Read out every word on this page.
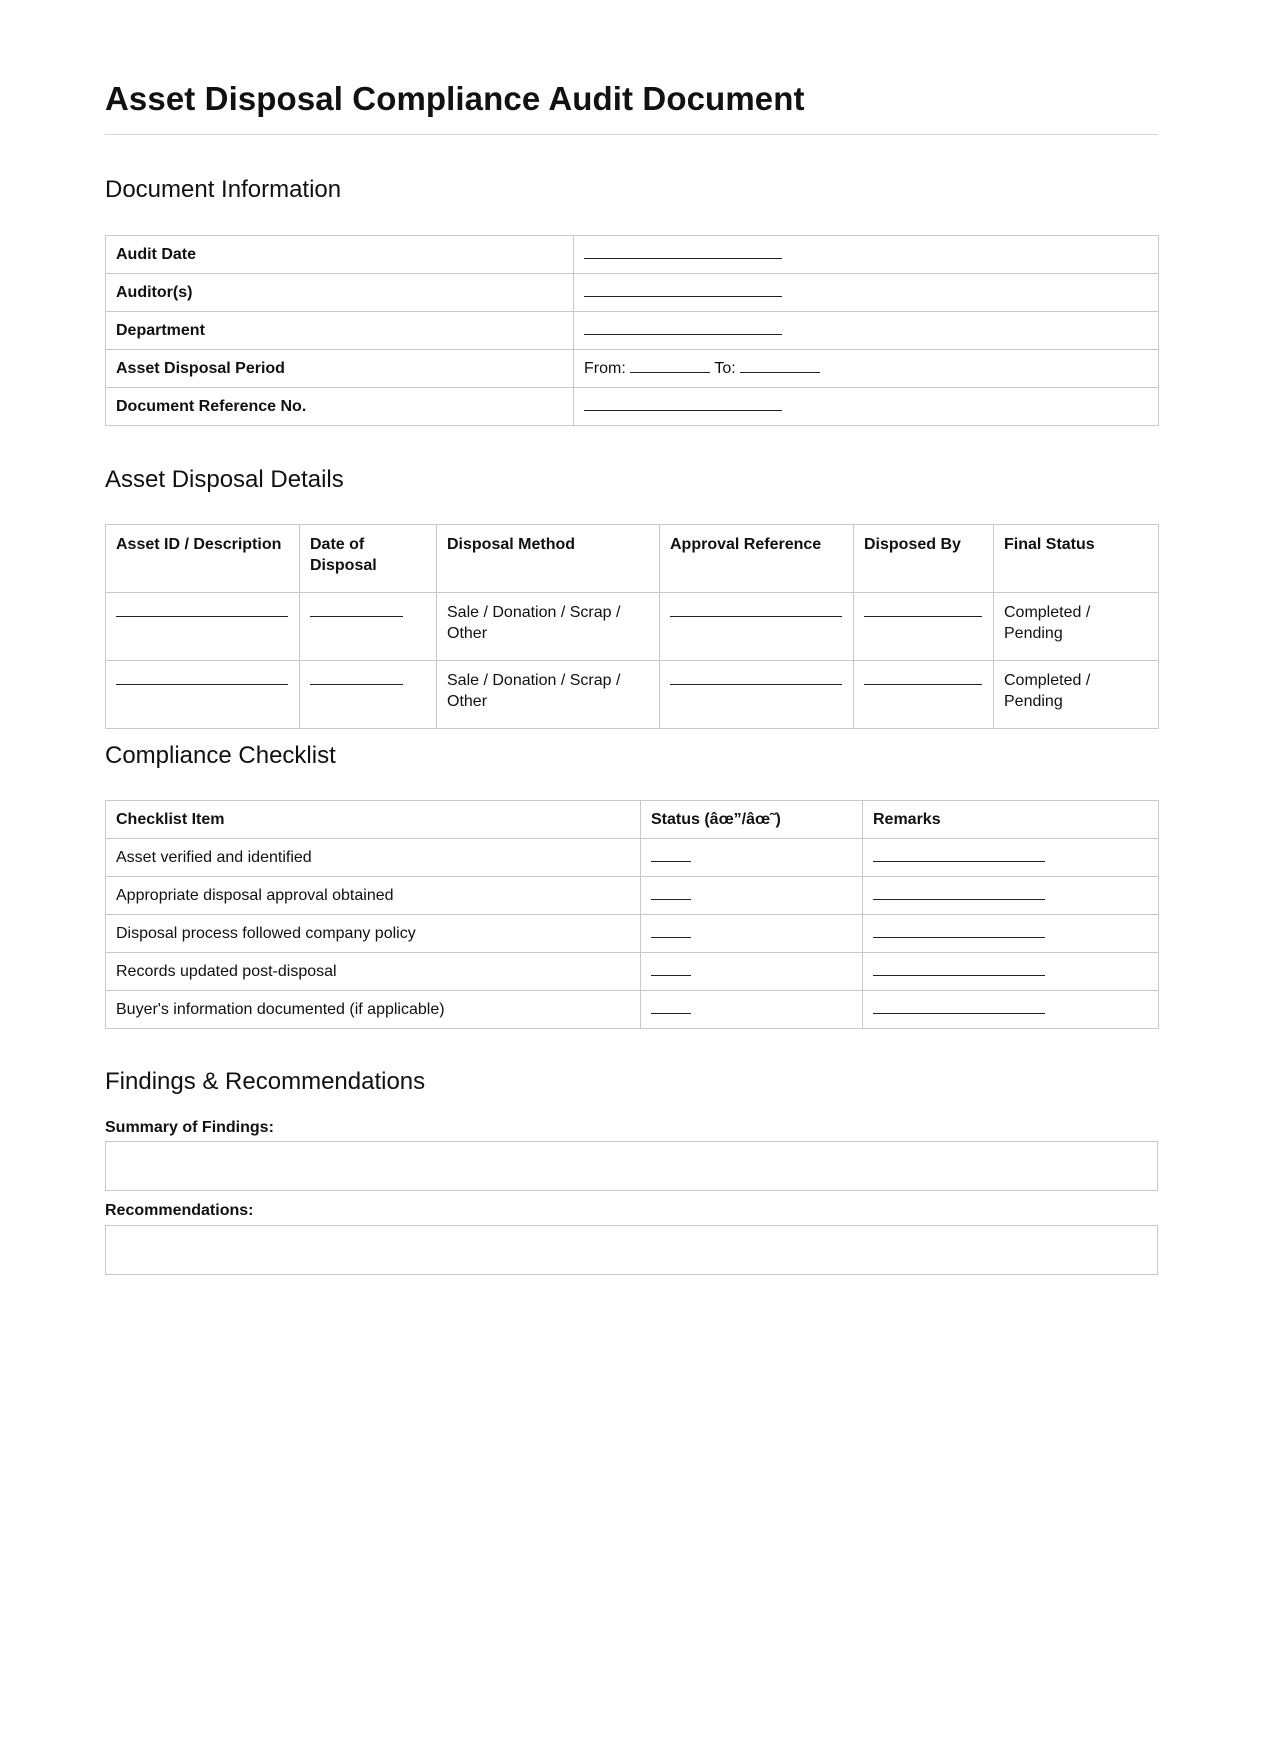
Asset Disposal Compliance Audit Document
Document Information
Audit Date	
Auditor(s)	
Department	
Asset Disposal Period	From: To:
Document Reference No.	
Asset Disposal Details
Asset ID / Description	Date of Disposal	Disposal Method	Approval Reference	Disposed By	Final Status
		Sale / Donation / Scrap / Other			Completed / Pending
		Sale / Donation / Scrap / Other			Completed / Pending
Compliance Checklist
Checklist Item	Status (âœ”/âœ˜)	Remarks
Asset verified and identified		
Appropriate disposal approval obtained		
Disposal process followed company policy		
Records updated post-disposal		
Buyer's information documented (if applicable)		
Findings & Recommendations
Summary of Findings:
Recommendations:
